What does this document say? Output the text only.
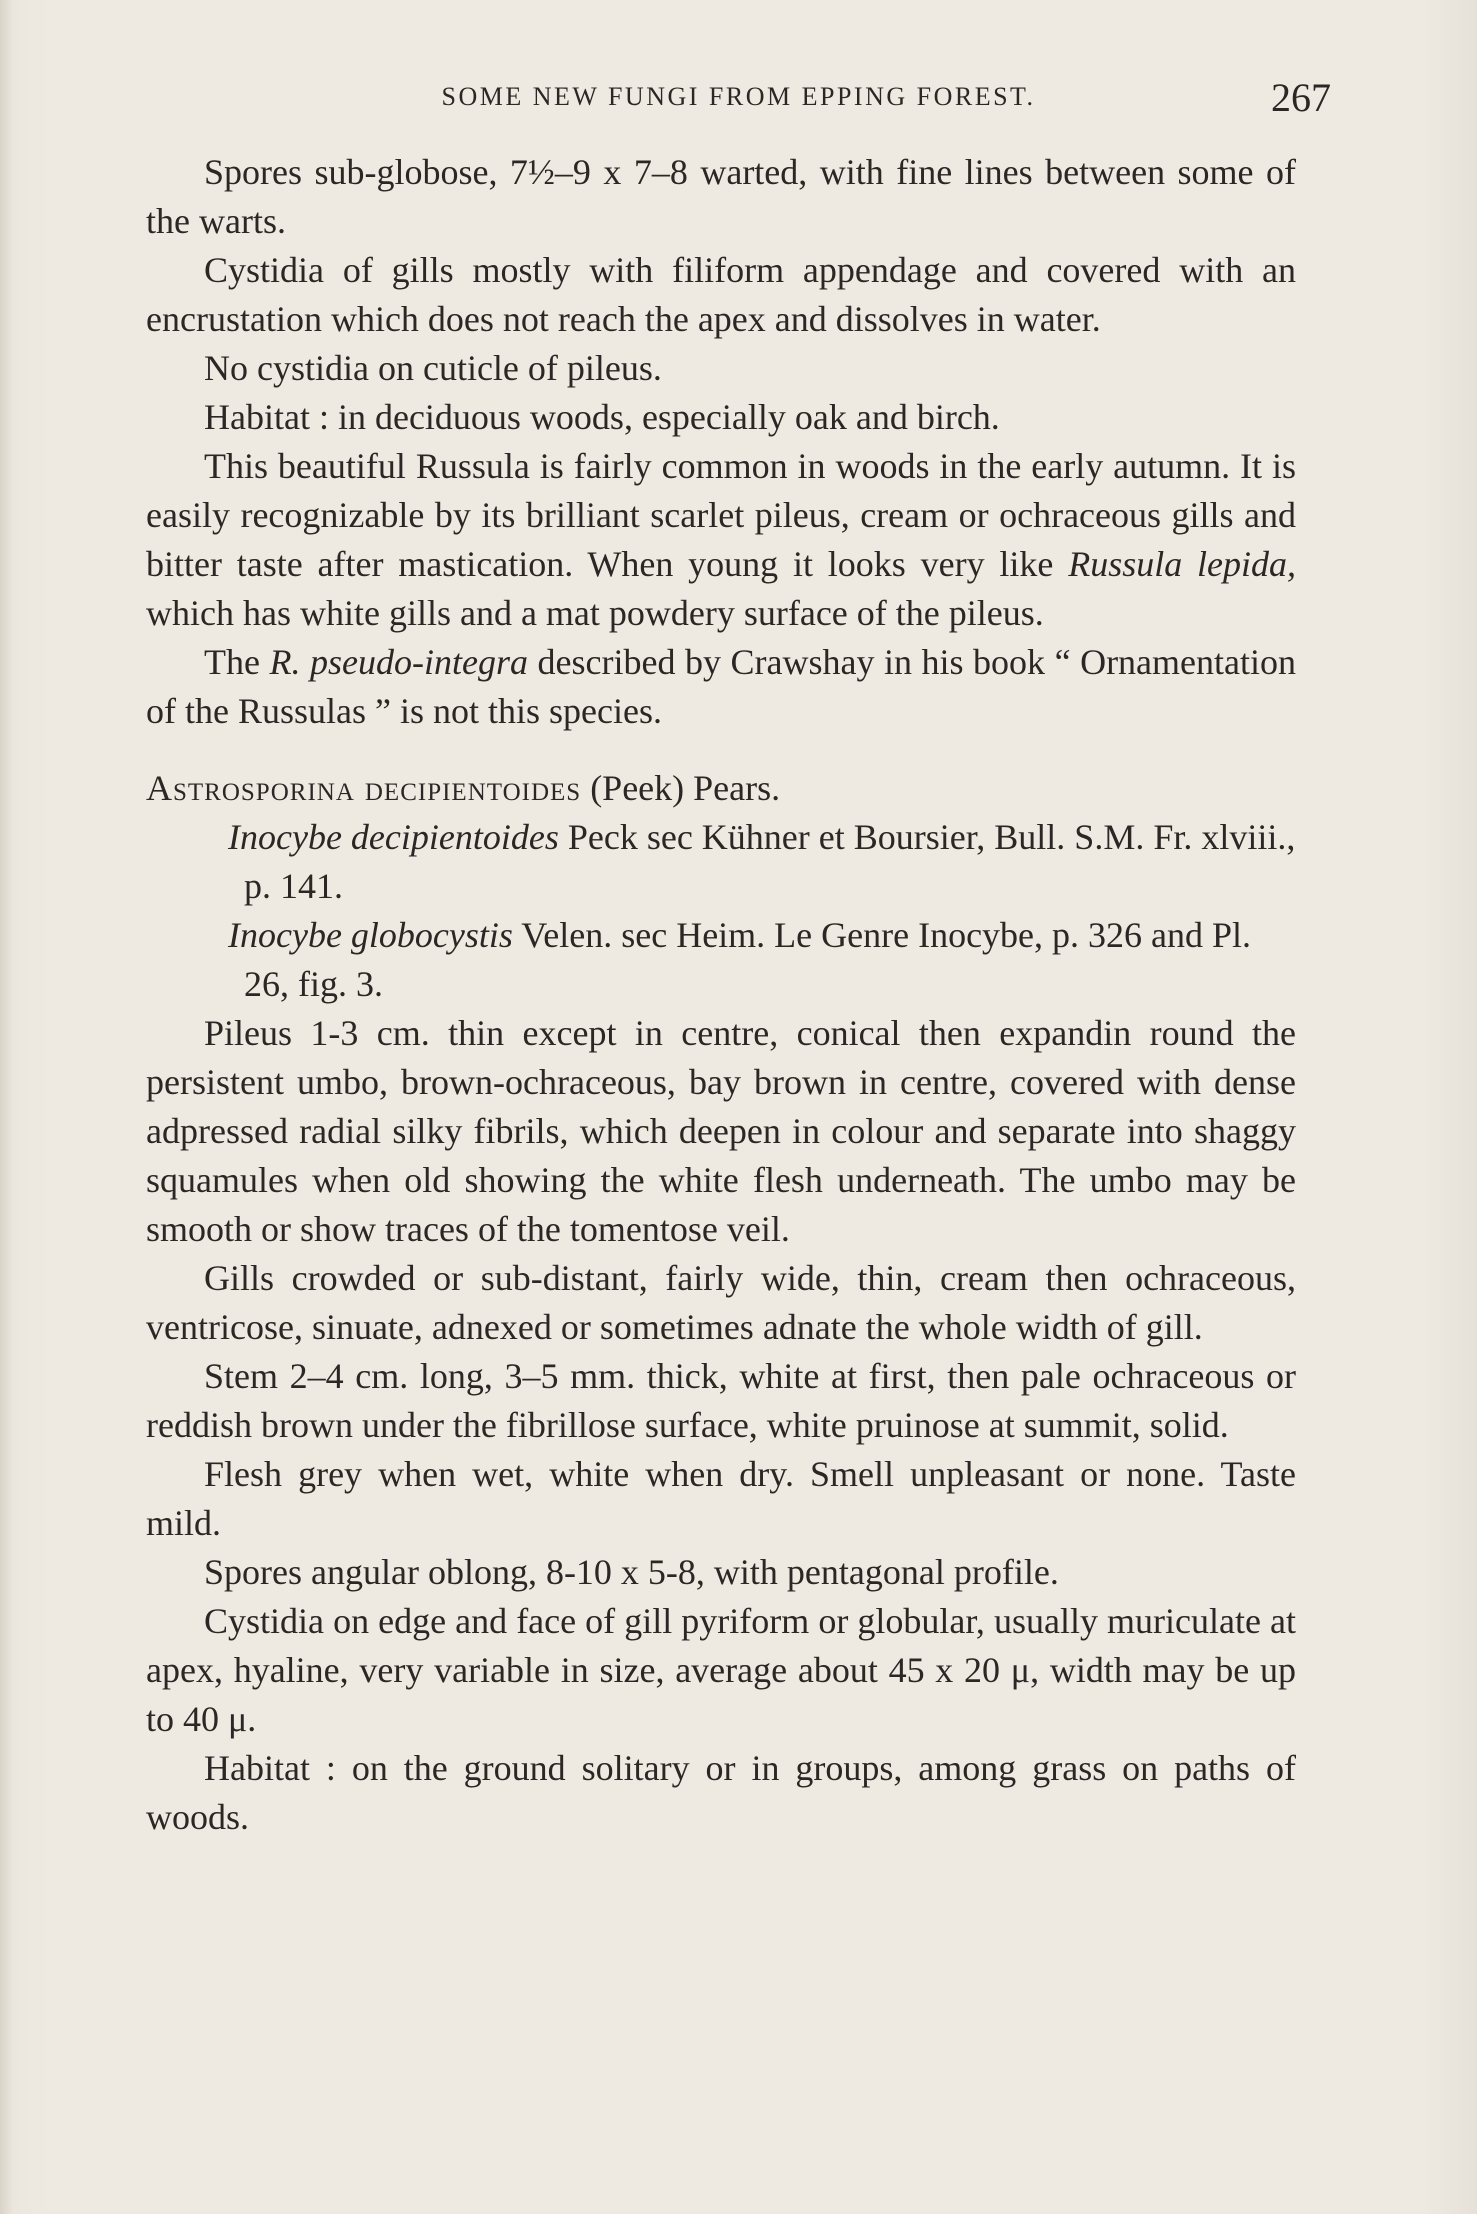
SOME NEW FUNGI FROM EPPING FOREST.	267

Spores sub-globose, 7½–9 x 7–8 warted, with fine lines between some of the warts.

Cystidia of gills mostly with filiform appendage and covered with an encrustation which does not reach the apex and dissolves in water.

No cystidia on cuticle of pileus.

Habitat : in deciduous woods, especially oak and birch.

This beautiful Russula is fairly common in woods in the early autumn. It is easily recognizable by its brilliant scarlet pileus, cream or ochraceous gills and bitter taste after mastication. When young it looks very like Russula lepida, which has white gills and a mat powdery surface of the pileus.

The R. pseudo-integra described by Crawshay in his book “ Ornamentation of the Russulas ” is not this species.

Astrosporina decipientoides (Peek) Pears.

Inocybe decipientoides Peck sec Kühner et Boursier, Bull. S.M. Fr. xlviii., p. 141.

Inocybe globocystis Velen. sec Heim. Le Genre Inocybe, p. 326 and Pl. 26, fig. 3.

Pileus 1-3 cm. thin except in centre, conical then expandin round the persistent umbo, brown-ochraceous, bay brown in centre, covered with dense adpressed radial silky fibrils, which deepen in colour and separate into shaggy squamules when old showing the white flesh underneath. The umbo may be smooth or show traces of the tomentose veil.

Gills crowded or sub-distant, fairly wide, thin, cream then ochraceous, ventricose, sinuate, adnexed or sometimes adnate the whole width of gill.

Stem 2–4 cm. long, 3–5 mm. thick, white at first, then pale ochraceous or reddish brown under the fibrillose surface, white pruinose at summit, solid.

Flesh grey when wet, white when dry. Smell unpleasant or none. Taste mild.

Spores angular oblong, 8-10 x 5-8, with pentagonal profile.

Cystidia on edge and face of gill pyriform or globular, usually muriculate at apex, hyaline, very variable in size, average about 45 x 20 μ, width may be up to 40 μ.

Habitat : on the ground solitary or in groups, among grass on paths of woods.
